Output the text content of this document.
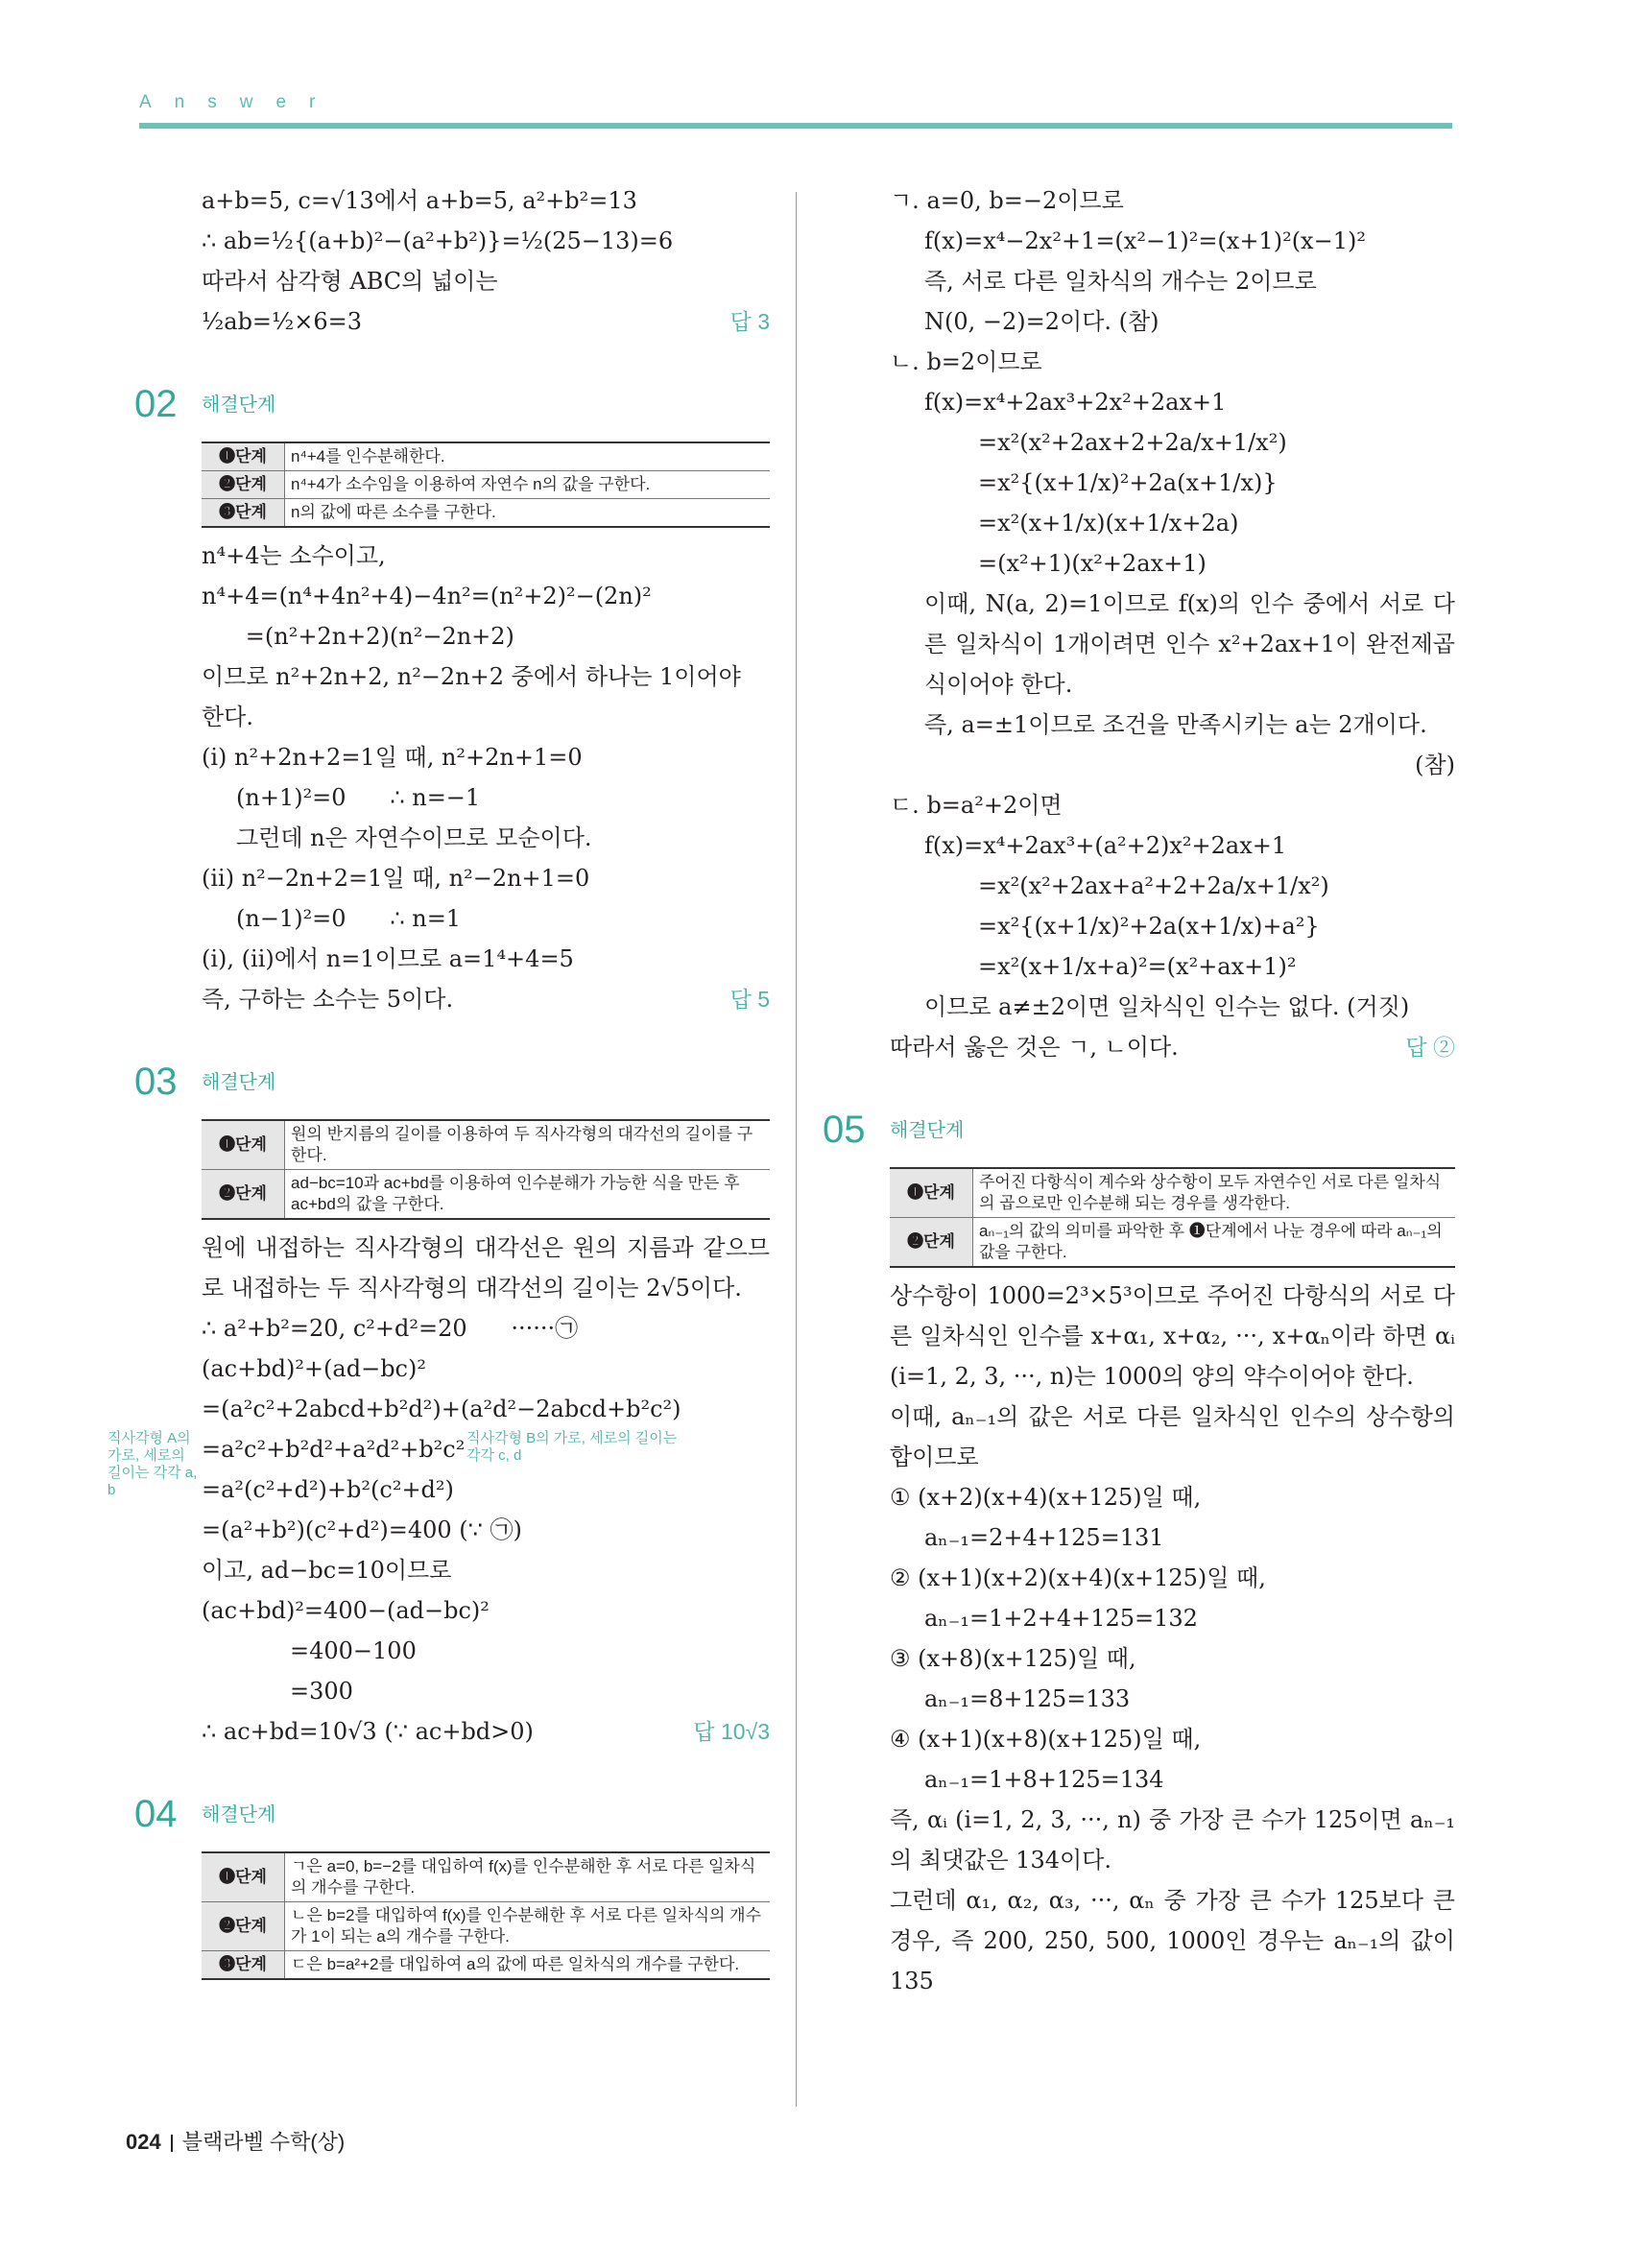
Answer
a+b=5, c=√13에서 a+b=5, a²+b²=13
∴ ab=½{(a+b)²−(a²+b²)}=½(25−13)=6
따라서 삼각형 ABC의 넓이는
½ab=½×6=3	답 3
02 해결단계
❶단계	n⁴+4를 인수분해한다.
❷단계	n⁴+4가 소수임을 이용하여 자연수 n의 값을 구한다.
❸단계	n의 값에 따른 소수를 구한다.
n⁴+4는 소수이고,
n⁴+4=(n⁴+4n²+4)−4n²=(n²+2)²−(2n)²
=(n²+2n+2)(n²−2n+2)
이므로 n²+2n+2, n²−2n+2 중에서 하나는 1이어야
한다.
(i) n²+2n+2=1일 때, n²+2n+1=0
(n+1)²=0      ∴ n=−1
그런데 n은 자연수이므로 모순이다.
(ii) n²−2n+2=1일 때, n²−2n+1=0
(n−1)²=0      ∴ n=1
(i), (ii)에서 n=1이므로 a=1⁴+4=5
즉, 구하는 소수는 5이다.	답 5
03 해결단계
❶단계	원의 반지름의 길이를 이용하여 두 직사각형의 대각선의 길이를 구한다.
❷단계	ad−bc=10과 ac+bd를 이용하여 인수분해가 가능한 식을 만든 후 ac+bd의 값을 구한다.
원에 내접하는 직사각형의 대각선은 원의 지름과 같으므로 내접하는 두 직사각형의 대각선의 길이는 2√5이다.
∴ a²+b²=20, c²+d²=20      ······㉠
(ac+bd)²+(ad−bc)²
=(a²c²+2abcd+b²d²)+(a²d²−2abcd+b²c²)
=a²c²+b²d²+a²d²+b²c²
=a²(c²+d²)+b²(c²+d²)
=(a²+b²)(c²+d²)=400 (∵ ㉠)
이고, ad−bc=10이므로
(ac+bd)²=400−(ad−bc)²
=400−100
=300
∴ ac+bd=10√3 (∵ ac+bd>0)	답 10√3
04 해결단계
❶단계	ㄱ은 a=0, b=−2를 대입하여 f(x)를 인수분해한 후 서로 다른 일차식의 개수를 구한다.
❷단계	ㄴ은 b=2를 대입하여 f(x)를 인수분해한 후 서로 다른 일차식의 개수가 1이 되는 a의 개수를 구한다.
❸단계	ㄷ은 b=a²+2를 대입하여 a의 값에 따른 일차식의 개수를 구한다.
직사각형 A의 가로, 세로의 길이는 각각 a, b
직사각형 B의 가로, 세로의 길이는 각각 c, d
ㄱ. a=0, b=−2이므로
f(x)=x⁴−2x²+1=(x²−1)²=(x+1)²(x−1)²
즉, 서로 다른 일차식의 개수는 2이므로
N(0, −2)=2이다. (참)
ㄴ. b=2이므로
f(x)=x⁴+2ax³+2x²+2ax+1
=x²(x²+2ax+2+2a/x+1/x²)
=x²{(x+1/x)²+2a(x+1/x)}
=x²(x+1/x)(x+1/x+2a)
=(x²+1)(x²+2ax+1)
이때, N(a, 2)=1이므로 f(x)의 인수 중에서 서로 다른 일차식이 1개이려면 인수 x²+2ax+1이 완전제곱식이어야 한다.
즉, a=±1이므로 조건을 만족시키는 a는 2개이다.
(참)
ㄷ. b=a²+2이면
f(x)=x⁴+2ax³+(a²+2)x²+2ax+1
=x²(x²+2ax+a²+2+2a/x+1/x²)
=x²{(x+1/x)²+2a(x+1/x)+a²}
=x²(x+1/x+a)²=(x²+ax+1)²
이므로 a≠±2이면 일차식인 인수는 없다. (거짓)
따라서 옳은 것은 ㄱ, ㄴ이다.	답 ②
05 해결단계
❶단계	주어진 다항식이 계수와 상수항이 모두 자연수인 서로 다른 일차식의 곱으로만 인수분해 되는 경우를 생각한다.
❷단계	aₙ₋₁의 값의 의미를 파악한 후 ❶단계에서 나눈 경우에 따라 aₙ₋₁의 값을 구한다.
상수항이 1000=2³×5³이므로 주어진 다항식의 서로 다른 일차식인 인수를 x+α₁, x+α₂, ···, x+αₙ이라 하면 αᵢ (i=1, 2, 3, ···, n)는 1000의 양의 약수이어야 한다.
이때, aₙ₋₁의 값은 서로 다른 일차식인 인수의 상수항의 합이므로
① (x+2)(x+4)(x+125)일 때,
aₙ₋₁=2+4+125=131
② (x+1)(x+2)(x+4)(x+125)일 때,
aₙ₋₁=1+2+4+125=132
③ (x+8)(x+125)일 때,
aₙ₋₁=8+125=133
④ (x+1)(x+8)(x+125)일 때,
aₙ₋₁=1+8+125=134
즉, αᵢ (i=1, 2, 3, ···, n) 중 가장 큰 수가 125이면 aₙ₋₁의 최댓값은 134이다.
그런데 α₁, α₂, α₃, ···, αₙ 중 가장 큰 수가 125보다 큰 경우, 즉 200, 250, 500, 1000인 경우는 aₙ₋₁의 값이 135
024 블랙라벨 수학(상)
